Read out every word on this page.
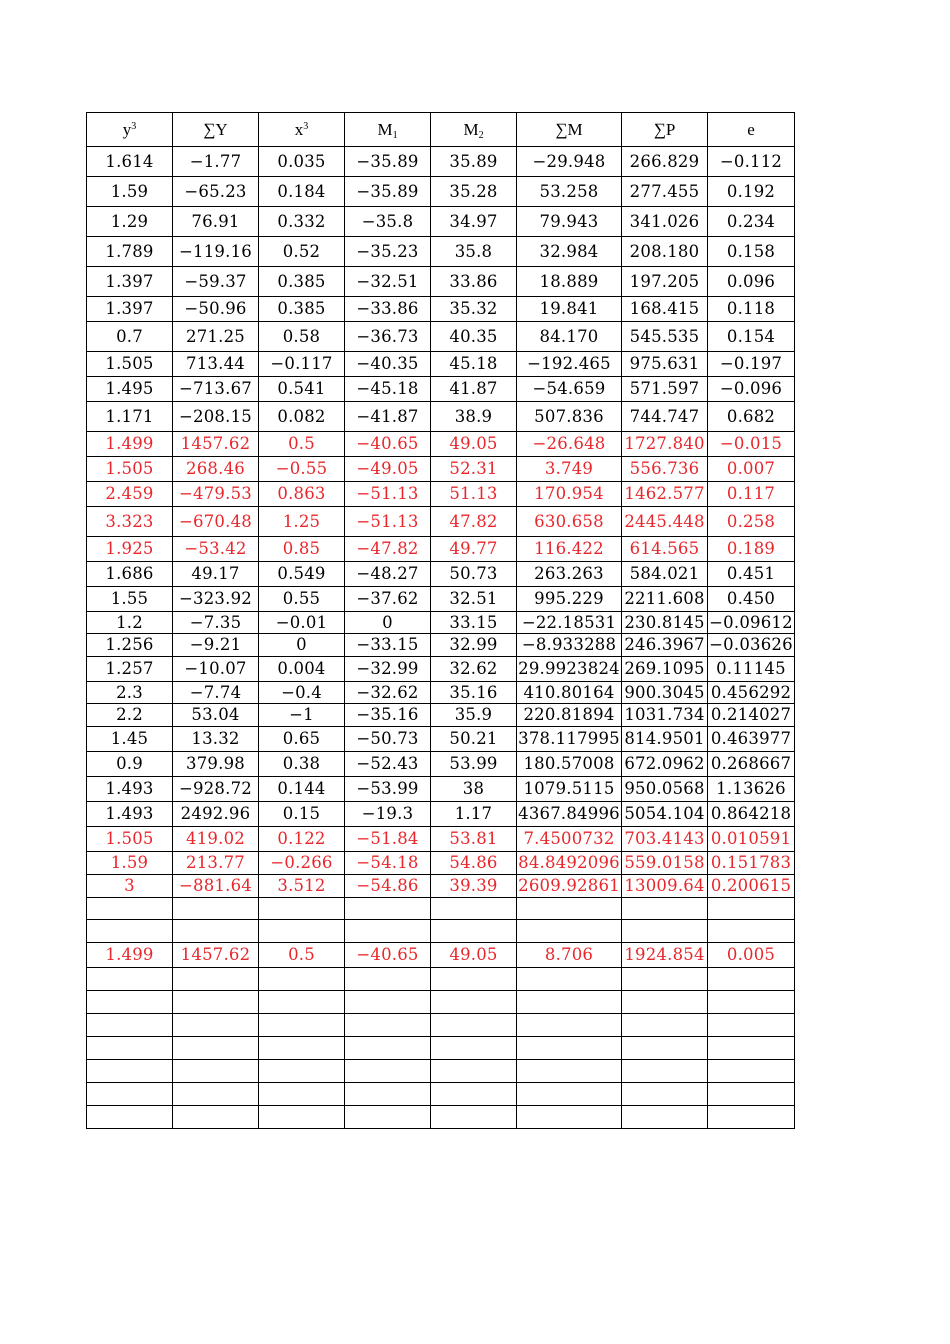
$y^3$	∑Y	$x^3$	M1	M2	∑M	∑P	e
1.614	−1.77	0.035	−35.89	35.89	−29.948	266.829	−0.112
1.59	−65.23	0.184	−35.89	35.28	53.258	277.455	0.192
1.29	76.91	0.332	−35.8	34.97	79.943	341.026	0.234
1.789	−119.16	0.52	−35.23	35.8	32.984	208.180	0.158
1.397	−59.37	0.385	−32.51	33.86	18.889	197.205	0.096
1.397	−50.96	0.385	−33.86	35.32	19.841	168.415	0.118
0.7	271.25	0.58	−36.73	40.35	84.170	545.535	0.154
1.505	713.44	−0.117	−40.35	45.18	−192.465	975.631	−0.197
1.495	−713.67	0.541	−45.18	41.87	−54.659	571.597	−0.096
1.171	−208.15	0.082	−41.87	38.9	507.836	744.747	0.682
1.499	1457.62	0.5	−40.65	49.05	−26.648	1727.840	−0.015
1.505	268.46	−0.55	−49.05	52.31	3.749	556.736	0.007
2.459	−479.53	0.863	−51.13	51.13	170.954	1462.577	0.117
3.323	−670.48	1.25	−51.13	47.82	630.658	2445.448	0.258
1.925	−53.42	0.85	−47.82	49.77	116.422	614.565	0.189
1.686	49.17	0.549	−48.27	50.73	263.263	584.021	0.451
1.55	−323.92	0.55	−37.62	32.51	995.229	2211.608	0.450
1.2	−7.35	−0.01	0	33.15	−22.18531	230.8145	−0.09612
1.256	−9.21	0	−33.15	32.99	−8.933288	246.3967	−0.03626
1.257	−10.07	0.004	−32.99	32.62	29.9923824	269.1095	0.11145
2.3	−7.74	−0.4	−32.62	35.16	410.80164	900.3045	0.456292
2.2	53.04	−1	−35.16	35.9	220.81894	1031.734	0.214027
1.45	13.32	0.65	−50.73	50.21	378.117995	814.9501	0.463977
0.9	379.98	0.38	−52.43	53.99	180.57008	672.0962	0.268667
1.493	−928.72	0.144	−53.99	38	1079.5115	950.0568	1.13626
1.493	2492.96	0.15	−19.3	1.17	4367.84996	5054.104	0.864218
1.505	419.02	0.122	−51.84	53.81	7.4500732	703.4143	0.010591
1.59	213.77	−0.266	−54.18	54.86	84.8492096	559.0158	0.151783
3	−881.64	3.512	−54.86	39.39	2609.92861	13009.64	0.200615

1.499	1457.62	0.5	−40.65	49.05	8.706	1924.854	0.005
